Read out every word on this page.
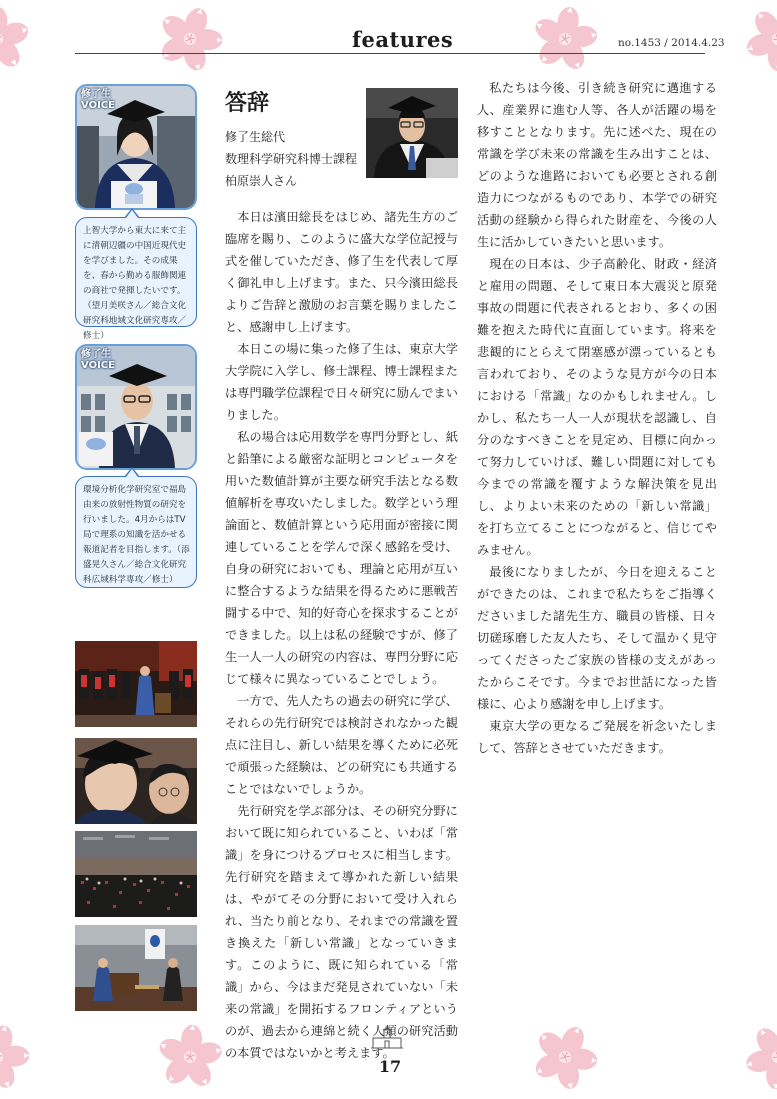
features	no.1453 / 2014.4.23
修了生
VOICE
上智大学から東大に来て主に清朝辺疆の中国近現代史を学びました。その成果を、春から勤める服飾関連の商社で発揮したいです。（望月美咲さん／総合文化研究科地域文化研究専攻／修士）
修了生
VOICE
環境分析化学研究室で福島由来の放射性物質の研究を行いました。4月からはTV局で理系の知識を活かせる報道記者を目指します。（添盛晃久さん／総合文化研究科広域科学専攻／修士）
答辞
修了生総代
数理科学研究科博士課程
柏原崇人さん

本日は濱田総長をはじめ、諸先生方のご臨席を賜り、このように盛大な学位記授与式を催していただき、修了生を代表して厚く御礼申し上げます。また、只今濱田総長よりご告辞と激励のお言葉を賜りましたこと、感謝申し上げます。

本日この場に集った修了生は、東京大学大学院に入学し、修士課程、博士課程または専門職学位課程で日々研究に励んでまいりました。

私の場合は応用数学を専門分野とし、紙と鉛筆による厳密な証明とコンピュータを用いた数値計算が主要な研究手法となる数値解析を専攻いたしました。数学という理論面と、数値計算という応用面が密接に関連していることを学んで深く感銘を受け、自身の研究においても、理論と応用が互いに整合するような結果を得るために悪戦苦闘する中で、知的好奇心を探求することができました。以上は私の経験ですが、修了生一人一人の研究の内容は、専門分野に応じて様々に異なっていることでしょう。

一方で、先人たちの過去の研究に学び、それらの先行研究では検討されなかった観点に注目し、新しい結果を導くために必死で頑張った経験は、どの研究にも共通することではないでしょうか。

先行研究を学ぶ部分は、その研究分野において既に知られていること、いわば「常識」を身につけるプロセスに相当します。先行研究を踏まえて導かれた新しい結果は、やがてその分野において受け入れられ、当たり前となり、それまでの常識を置き換えた「新しい常識」となっていきます。このように、既に知られている「常識」から、今はまだ発見されていない「未来の常識」を開拓するフロンティアというのが、過去から連綿と続く人類の研究活動の本質ではないかと考えます。

私たちは今後、引き続き研究に邁進する人、産業界に進む人等、各人が活躍の場を移すこととなります。先に述べた、現在の常識を学び未来の常識を生み出すことは、どのような進路においても必要とされる創造力につながるものであり、本学での研究活動の経験から得られた財産を、今後の人生に活かしていきたいと思います。

現在の日本は、少子高齢化、財政・経済と雇用の問題、そして東日本大震災と原発事故の問題に代表されるとおり、多くの困難を抱えた時代に直面しています。将来を悲観的にとらえて閉塞感が漂っているとも言われており、そのような見方が今の日本における「常識」なのかもしれません。しかし、私たち一人一人が現状を認識し、自分のなすべきことを見定め、目標に向かって努力していけば、難しい問題に対しても今までの常識を覆すような解決策を見出し、よりよい未来のための「新しい常識」を打ち立てることにつながると、信じてやみません。

最後になりましたが、今日を迎えることができたのは、これまで私たちをご指導くださいました諸先生方、職員の皆様、日々切磋琢磨した友人たち、そして温かく見守ってくださったご家族の皆様の支えがあったからこそです。今までお世話になった皆様に、心より感謝を申し上げます。

東京大学の更なるご発展を祈念いたしまして、答辞とさせていただきます。

17
